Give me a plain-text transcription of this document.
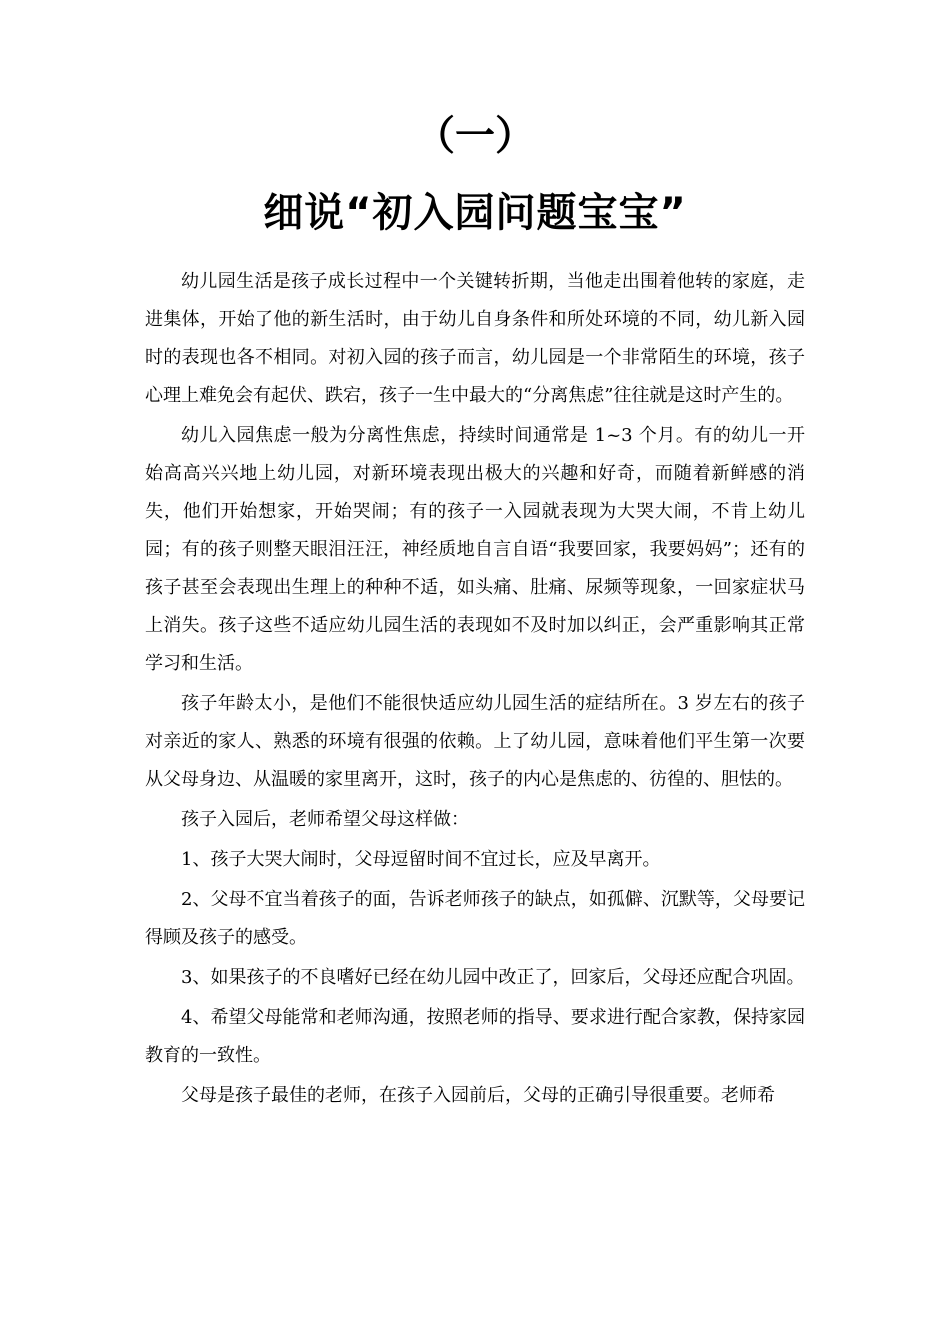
（一）
细说“初入园问题宝宝”

幼儿园生活是孩子成长过程中一个关键转折期，当他走出围着他转的家庭，走进集体，开始了他的新生活时，由于幼儿自身条件和所处环境的不同，幼儿新入园时的表现也各不相同。对初入园的孩子而言，幼儿园是一个非常陌生的环境，孩子心理上难免会有起伏、跌宕，孩子一生中最大的“分离焦虑”往往就是这时产生的。

幼儿入园焦虑一般为分离性焦虑，持续时间通常是 1~3 个月。有的幼儿一开始高高兴兴地上幼儿园，对新环境表现出极大的兴趣和好奇，而随着新鲜感的消失，他们开始想家，开始哭闹；有的孩子一入园就表现为大哭大闹，不肯上幼儿园；有的孩子则整天眼泪汪汪，神经质地自言自语“我要回家，我要妈妈”；还有的孩子甚至会表现出生理上的种种不适，如头痛、肚痛、尿频等现象，一回家症状马上消失。孩子这些不适应幼儿园生活的表现如不及时加以纠正，会严重影响其正常学习和生活。

孩子年龄太小，是他们不能很快适应幼儿园生活的症结所在。3 岁左右的孩子对亲近的家人、熟悉的环境有很强的依赖。上了幼儿园，意味着他们平生第一次要从父母身边、从温暖的家里离开，这时，孩子的内心是焦虑的、彷徨的、胆怯的。

孩子入园后，老师希望父母这样做：

1、孩子大哭大闹时，父母逗留时间不宜过长，应及早离开。

2、父母不宜当着孩子的面，告诉老师孩子的缺点，如孤僻、沉默等，父母要记得顾及孩子的感受。

3、如果孩子的不良嗜好已经在幼儿园中改正了，回家后，父母还应配合巩固。

4、希望父母能常和老师沟通，按照老师的指导、要求进行配合家教，保持家园教育的一致性。

父母是孩子最佳的老师，在孩子入园前后，父母的正确引导很重要。老师希
